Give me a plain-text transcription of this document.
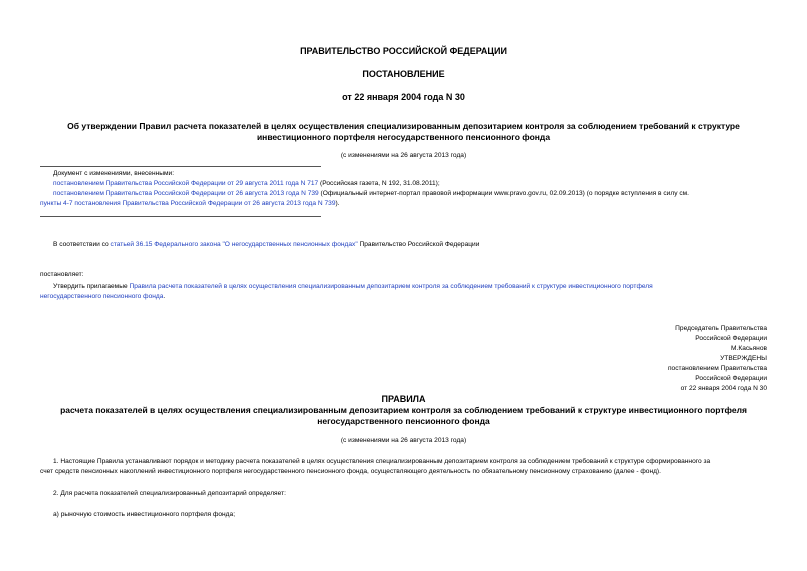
ПРАВИТЕЛЬСТВО РОССИЙСКОЙ ФЕДЕРАЦИИ
ПОСТАНОВЛЕНИЕ
от 22 января 2004 года N 30
Об утверждении Правил расчета показателей в целях осуществления специализированным депозитарием контроля за соблюдением требований к структуре
инвестиционного портфеля негосударственного пенсионного фонда
(с изменениями на 26 августа 2013 года)
Документ с изменениями, внесенными:
постановлением Правительства Российской Федерации от 29 августа 2011 года N 717 (Российская газета, N 192, 31.08.2011);
постановлением Правительства Российской Федерации от 26 августа 2013 года N 739 (Официальный интернет-портал правовой информации www.pravo.gov.ru, 02.09.2013) (о порядке вступления в силу см.
пункты 4-7 постановления Правительства Российской Федерации от 26 августа 2013 года N 739).
В соответствии со статьей 36.15 Федерального закона "О негосударственных пенсионных фондах" Правительство Российской Федерации
постановляет:
Утвердить прилагаемые Правила расчета показателей в целях осуществления специализированным депозитарием контроля за соблюдением требований к структуре инвестиционного портфеля
негосударственного пенсионного фонда.
Председатель Правительства
Российской Федерации
М.Касьянов
УТВЕРЖДЕНЫ
постановлением Правительства
Российской Федерации
от 22 января 2004 года N 30
ПРАВИЛА
расчета показателей в целях осуществления специализированным депозитарием контроля за соблюдением требований к структуре инвестиционного портфеля
негосударственного пенсионного фонда
(с изменениями на 26 августа 2013 года)
1. Настоящие Правила устанавливают порядок и методику расчета показателей в целях осуществления специализированным депозитарием контроля за соблюдением требований к структуре сформированного за
счет средств пенсионных накоплений инвестиционного портфеля негосударственного пенсионного фонда, осуществляющего деятельность по обязательному пенсионному страхованию (далее - фонд).
2. Для расчета показателей специализированный депозитарий определяет:
а) рыночную стоимость инвестиционного портфеля фонда;
